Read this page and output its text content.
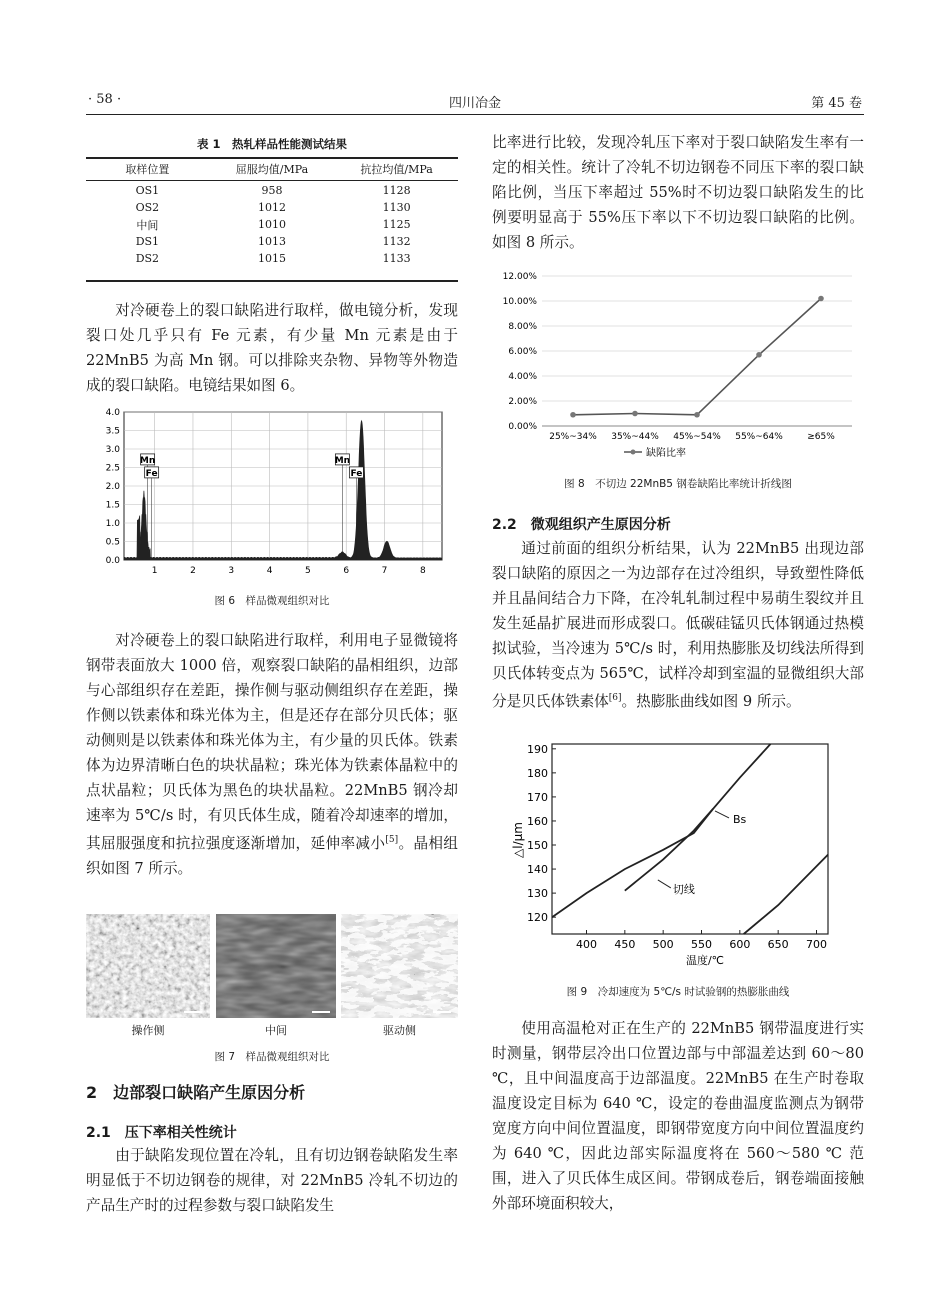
· 58 ·	四川冶金	第 45 卷
表 1　热轧样品性能测试结果
取样位置	屈服均值/MPa	抗拉均值/MPa

OS1	958	1128
OS2	1012	1130
中间	1010	1125
DS1	1013	1132
DS2	1015	1133

对冷硬卷上的裂口缺陷进行取样，做电镜分析，发现裂口处几乎只有 Fe 元素，有少量 Mn 元素是由于 22MnB5 为高 Mn 钢。可以排除夹杂物、异物等外物造成的裂口缺陷。电镜结果如图 6。

0.0
0.5
1.0
1.5
2.0
2.5
3.0
3.5
4.0
1	2	3	4	5	6	7	8
Mn
Fe
Mn
Fe
图 6　样品微观组织对比

对冷硬卷上的裂口缺陷进行取样，利用电子显微镜将钢带表面放大 1000 倍，观察裂口缺陷的晶相组织，边部与心部组织存在差距，操作侧与驱动侧组织存在差距，操作侧以铁素体和珠光体为主，但是还存在部分贝氏体；驱动侧则是以铁素体和珠光体为主，有少量的贝氏体。铁素体为边界清晰白色的块状晶粒；珠光体为铁素体晶粒中的点状晶粒；贝氏体为黑色的块状晶粒。22MnB5 钢冷却速率为 5℃/s 时，有贝氏体生成，随着冷却速率的增加，其屈服强度和抗拉强度逐渐增加，延伸率减小[5]。晶相组织如图 7 所示。

操作侧	中间	驱动侧
图 7　样品微观组织对比
2　边部裂口缺陷产生原因分析
2.1　压下率相关性统计

由于缺陷发现位置在冷轧，且有切边钢卷缺陷发生率明显低于不切边钢卷的规律，对 22MnB5 冷轧不切边的产品生产时的过程参数与裂口缺陷发生

比率进行比较，发现冷轧压下率对于裂口缺陷发生率有一定的相关性。统计了冷轧不切边钢卷不同压下率的裂口缺陷比例，当压下率超过 55%时不切边裂口缺陷发生的比例要明显高于 55%压下率以下不切边裂口缺陷的比例。如图 8 所示。

0.00%
2.00%
4.00%
6.00%
8.00%
10.00%
12.00%
25%~34% 35%~44% 45%~54% 55%~64%	≥65%
缺陷比率
图 8　不切边 22MnB5 钢卷缺陷比率统计折线图
2.2　微观组织产生原因分析

通过前面的组织分析结果，认为 22MnB5 出现边部裂口缺陷的原因之一为边部存在过冷组织，导致塑性降低并且晶间结合力下降，在冷轧轧制过程中易萌生裂纹并且发生延晶扩展进而形成裂口。低碳硅锰贝氏体钢通过热模拟试验，当冷速为 5℃/s 时，利用热膨胀及切线法所得到贝氏体转变点为 565℃，试样冷却到室温的显微组织大部分是贝氏体铁素体[6]。热膨胀曲线如图 9 所示。

120
130
140
150
160
170
180
190
400 450 500 550 600 650 700
Bs
切线
温度/℃
△l/μm
图 9　冷却速度为 5℃/s 时试验钢的热膨胀曲线

使用高温枪对正在生产的 22MnB5 钢带温度进行实时测量，钢带层冷出口位置边部与中部温差达到 60～80 ℃，且中间温度高于边部温度。22MnB5 在生产时卷取温度设定目标为 640 ℃，设定的卷曲温度监测点为钢带宽度方向中间位置温度，即钢带宽度方向中间位置温度约为 640 ℃，因此边部实际温度将在 560～580 ℃ 范围，进入了贝氏体生成区间。带钢成卷后，钢卷端面接触外部环境面积较大，
